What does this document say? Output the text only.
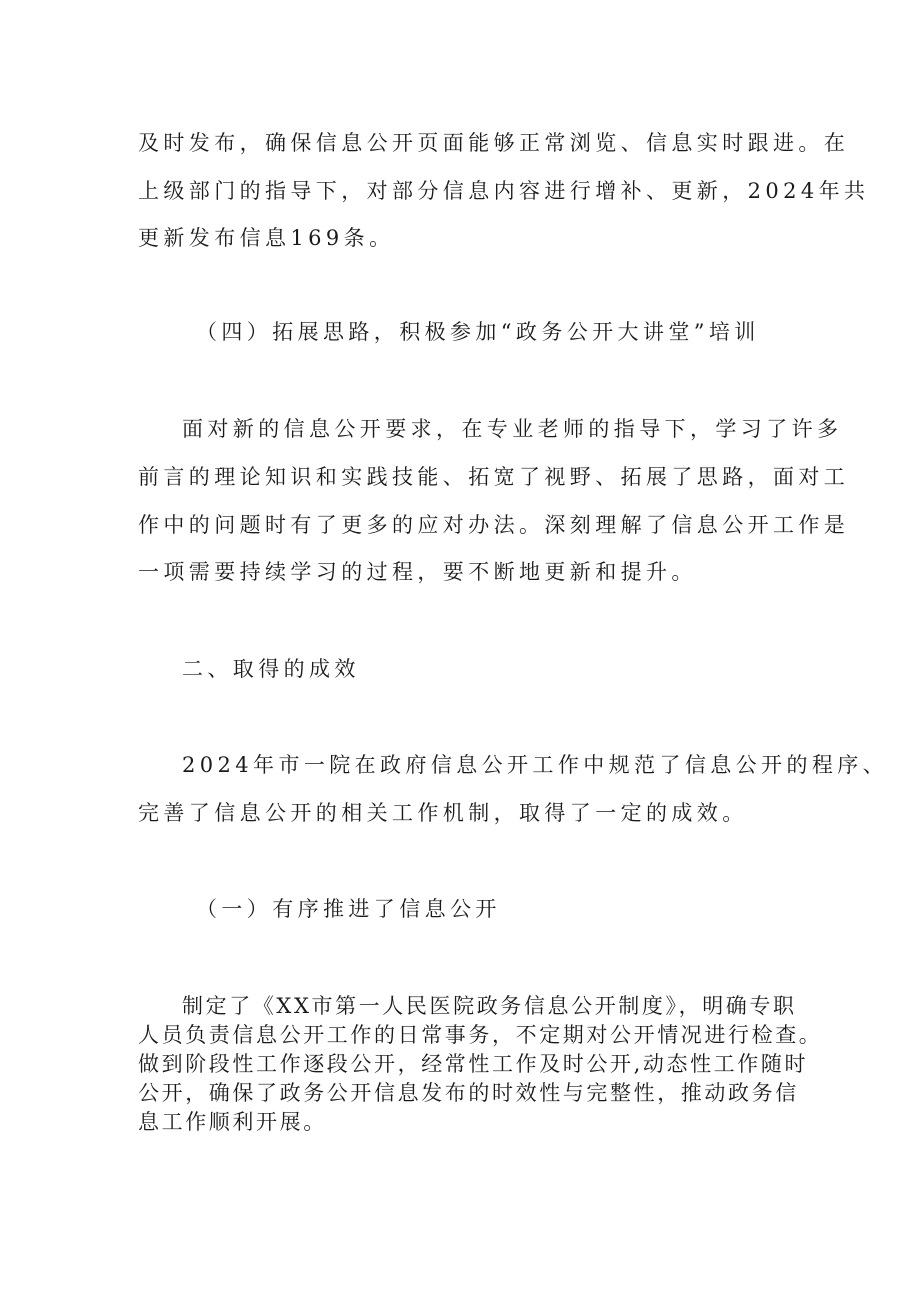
及时发布，确保信息公开页面能够正常浏览、信息实时跟进。在
上级部门的指导下，对部分信息内容进行增补、更新，2024年共
更新发布信息169条。
（四）拓展思路，积极参加“政务公开大讲堂”培训
面对新的信息公开要求，在专业老师的指导下，学习了许多
前言的理论知识和实践技能、拓宽了视野、拓展了思路，面对工
作中的问题时有了更多的应对办法。深刻理解了信息公开工作是
一项需要持续学习的过程，要不断地更新和提升。
二、取得的成效
2024年市一院在政府信息公开工作中规范了信息公开的程序、
完善了信息公开的相关工作机制，取得了一定的成效。
（一）有序推进了信息公开
制定了《XX市第一人民医院政务信息公开制度》，明确专职
人员负责信息公开工作的日常事务，不定期对公开情况进行检查。
做到阶段性工作逐段公开，经常性工作及时公开,动态性工作随时
公开，确保了政务公开信息发布的时效性与完整性，推动政务信
息工作顺利开展。
